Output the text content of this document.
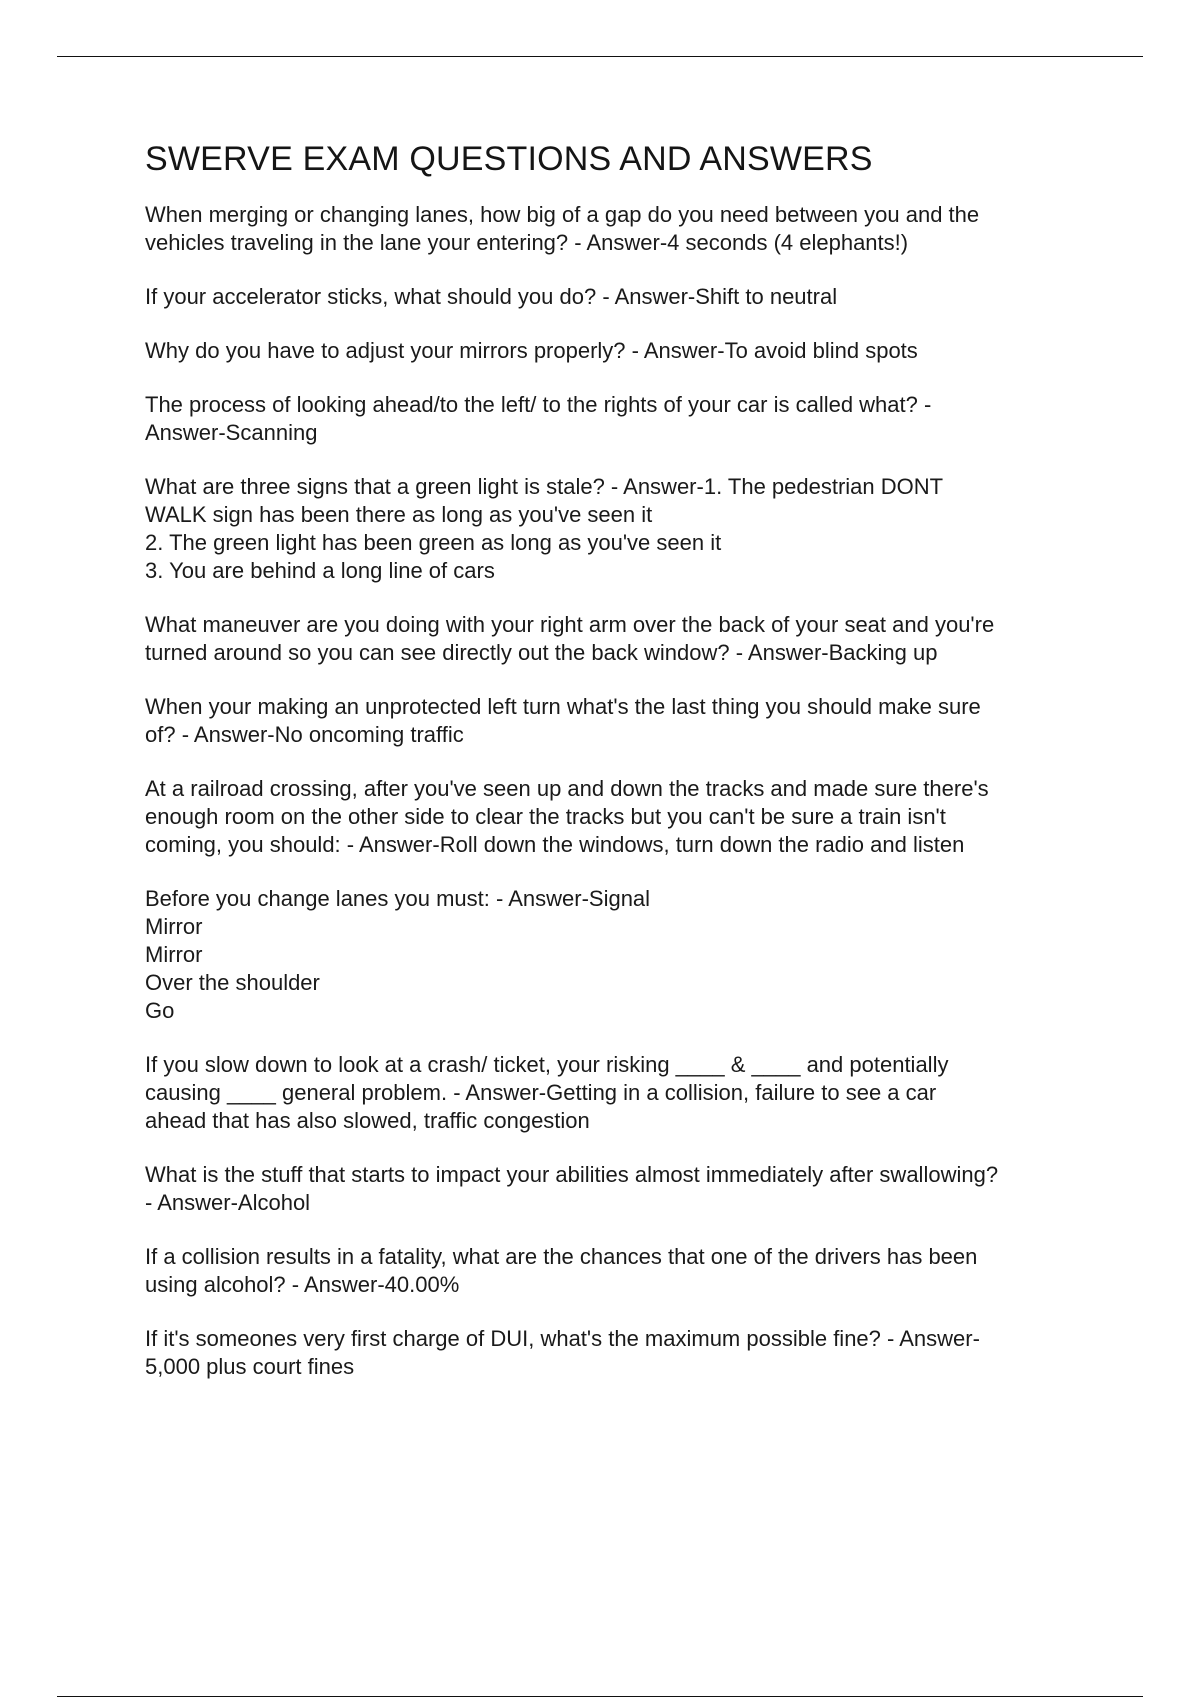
SWERVE EXAM QUESTIONS AND ANSWERS
When merging or changing lanes, how big of a gap do you need between you and the
vehicles traveling in the lane your entering? - Answer-4 seconds (4 elephants!)
If your accelerator sticks, what should you do? - Answer-Shift to neutral
Why do you have to adjust your mirrors properly? - Answer-To avoid blind spots
The process of looking ahead/to the left/ to the rights of your car is called what? -
Answer-Scanning
What are three signs that a green light is stale? - Answer-1. The pedestrian DONT
WALK sign has been there as long as you've seen it
2. The green light has been green as long as you've seen it
3. You are behind a long line of cars
What maneuver are you doing with your right arm over the back of your seat and you're
turned around so you can see directly out the back window? - Answer-Backing up
When your making an unprotected left turn what's the last thing you should make sure
of? - Answer-No oncoming traffic
At a railroad crossing, after you've seen up and down the tracks and made sure there's
enough room on the other side to clear the tracks but you can't be sure a train isn't
coming, you should: - Answer-Roll down the windows, turn down the radio and listen
Before you change lanes you must: - Answer-Signal
Mirror
Mirror
Over the shoulder
Go
If you slow down to look at a crash/ ticket, your risking ____ & ____ and potentially
causing ____ general problem. - Answer-Getting in a collision, failure to see a car
ahead that has also slowed, traffic congestion
What is the stuff that starts to impact your abilities almost immediately after swallowing?
- Answer-Alcohol
If a collision results in a fatality, what are the chances that one of the drivers has been
using alcohol? - Answer-40.00%
If it's someones very first charge of DUI, what's the maximum possible fine? - Answer-
5,000 plus court fines
